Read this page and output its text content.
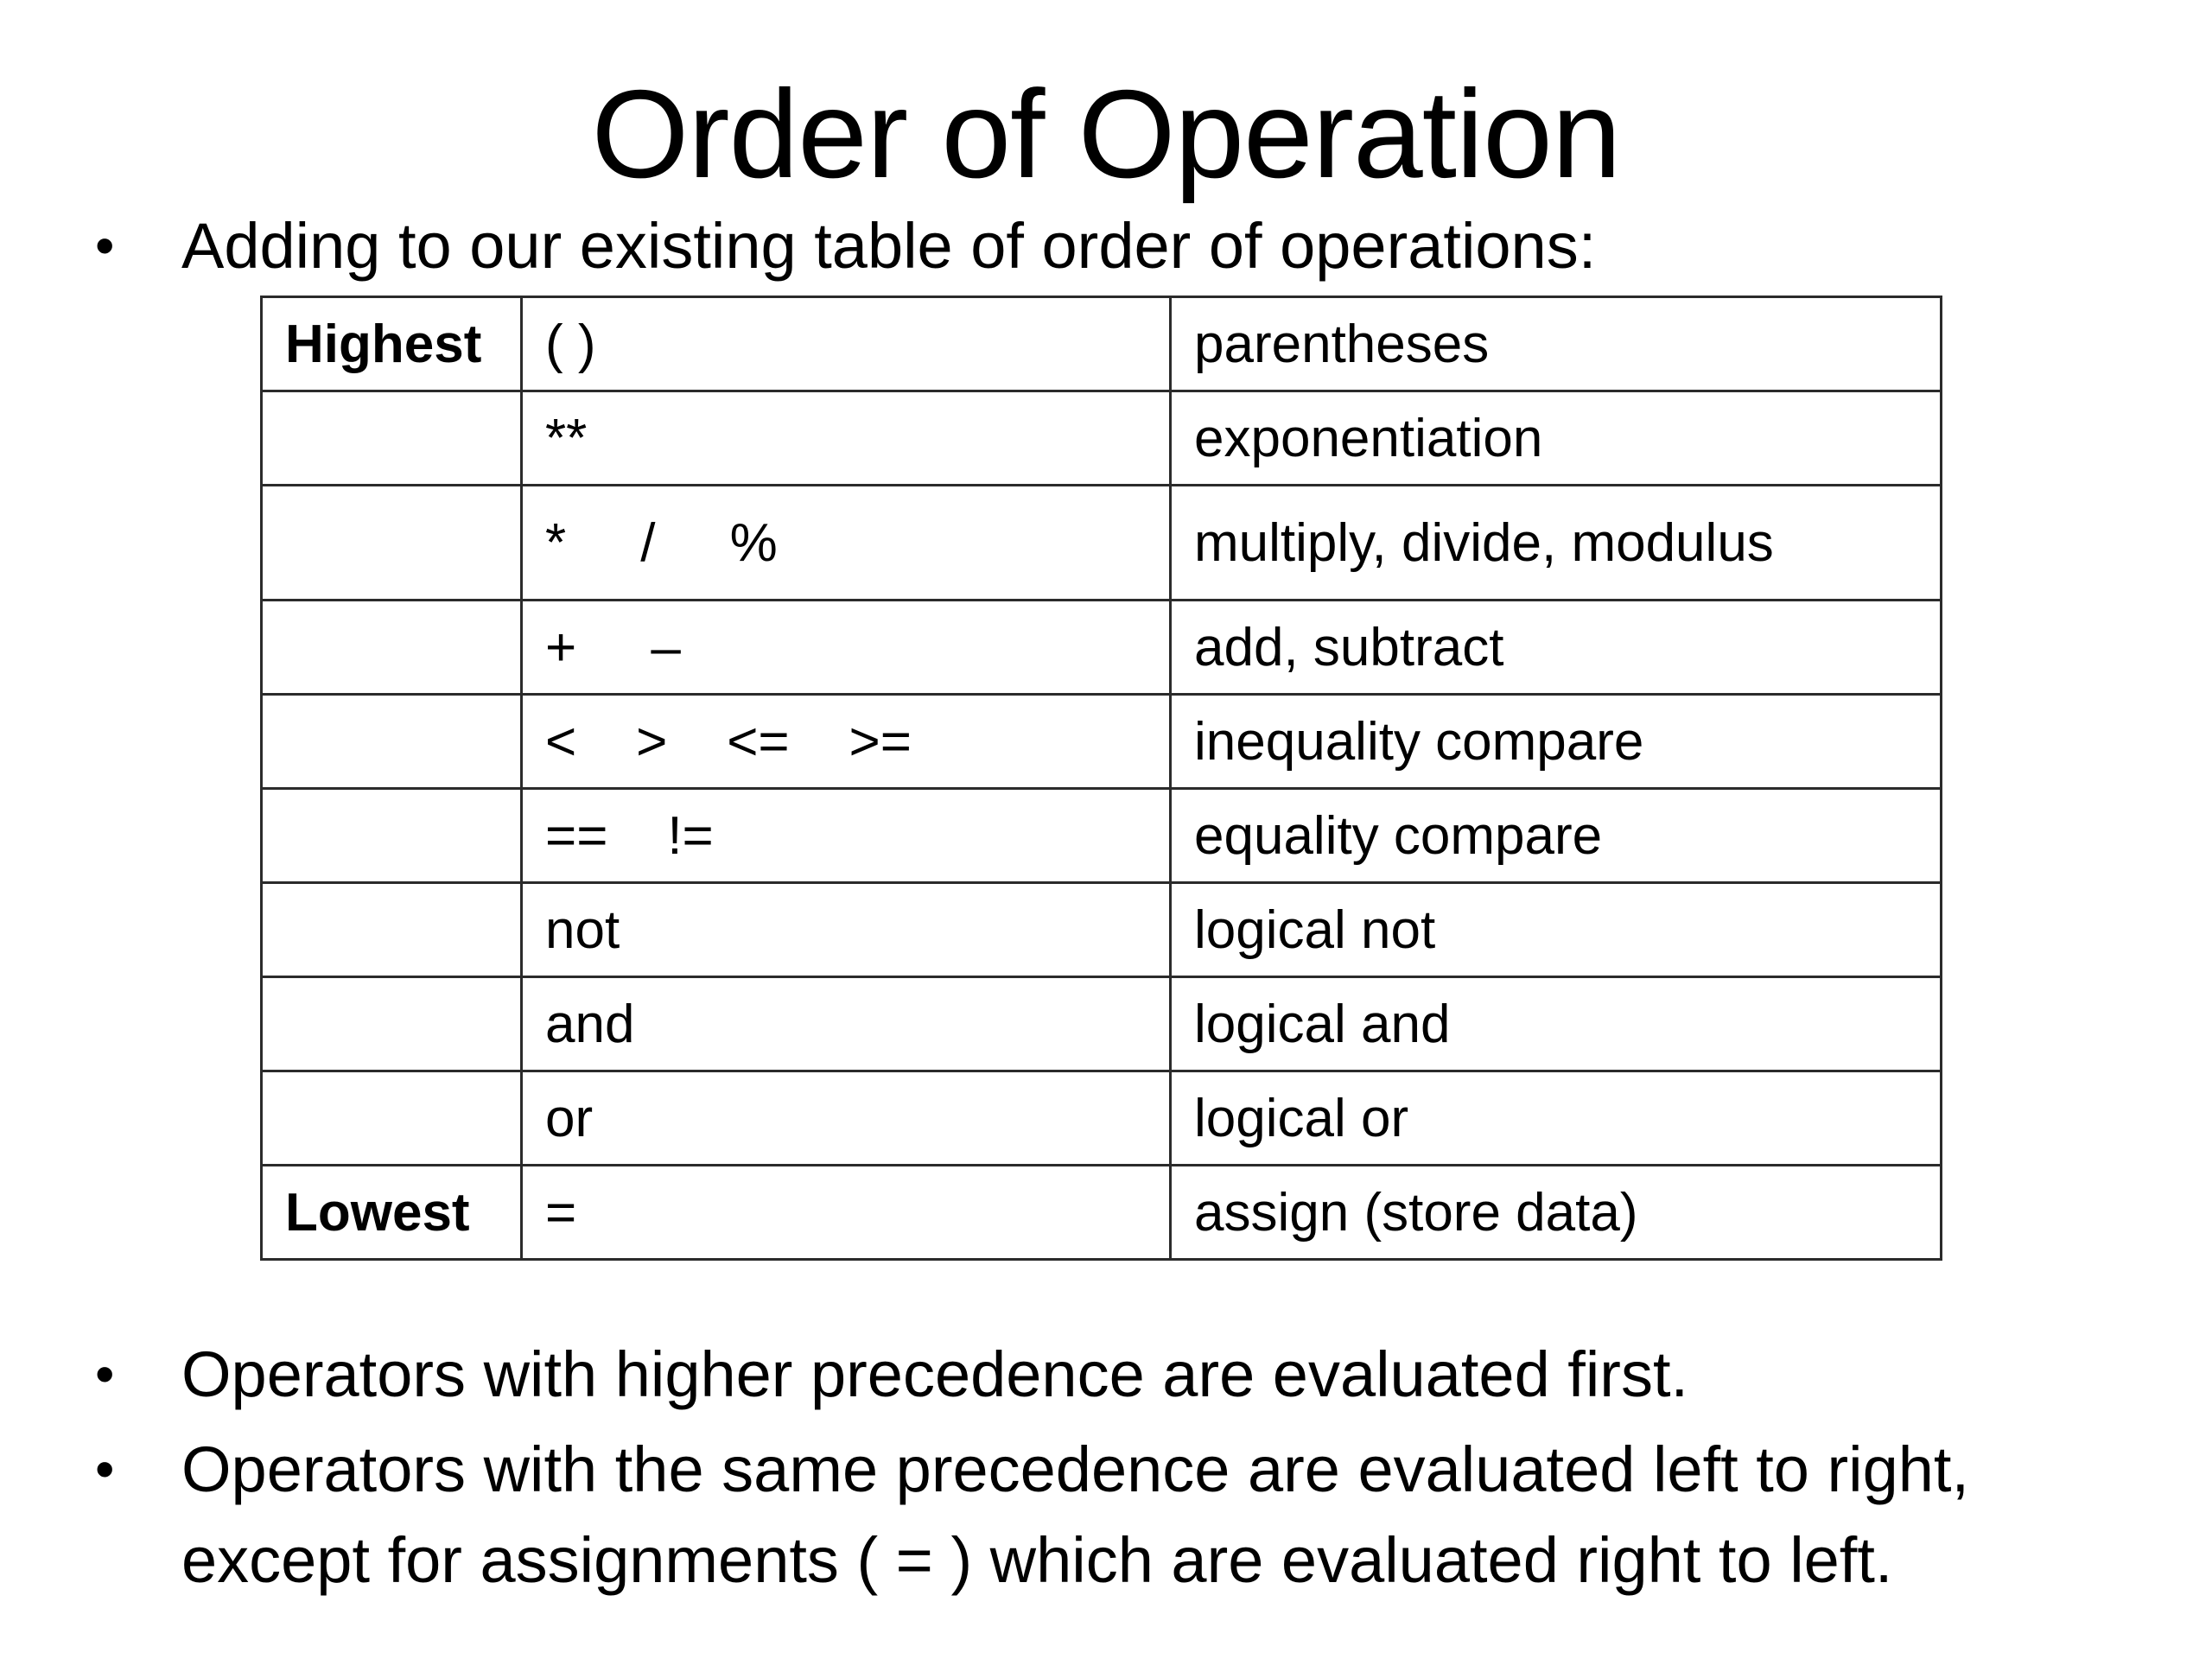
Order of Operation
•	Adding to our existing table of order of operations:
Highest	( )	parentheses
	**	exponentiation
	*     /     %	multiply, divide, modulus
	+     –	add, subtract
	<    >    <=    >=	inequality compare
	==    !=	equality compare
	not	logical not
	and	logical and
	or	logical or
Lowest	=	assign (store data)
•	Operators with higher precedence are evaluated first.
•	Operators with the same precedence are evaluated left to right,
except for assignments ( = ) which are evaluated right to left.
